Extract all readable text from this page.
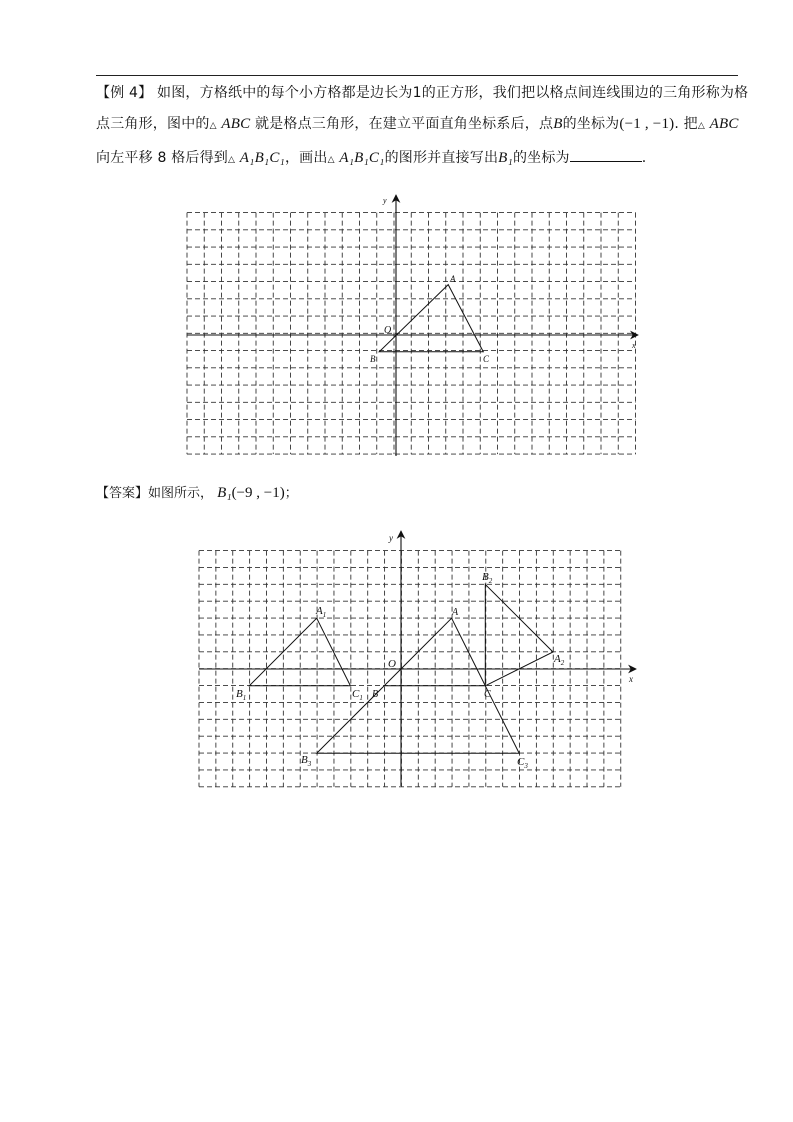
【例 4】 如图，方格纸中的每个小方格都是边长为1的正方形，我们把以格点间连线围边的三角形称为格
点三角形，图中的△ ABC 就是格点三角形，在建立平面直角坐标系后，点B的坐标为(−1 , −1). 把△ ABC
向左平移 8 格后得到△ A₁B₁C₁，画出△ A₁B₁C₁的图形并直接写出B₁的坐标为	.
【答案】如图所示， B₁(−9 , −1)；
x
y
O
A
B	C
x
y
O
A
B	C
$A_1$
$B_1$	$C_1$
$A_2$
$B_2$
$B_3$	$C_3$
